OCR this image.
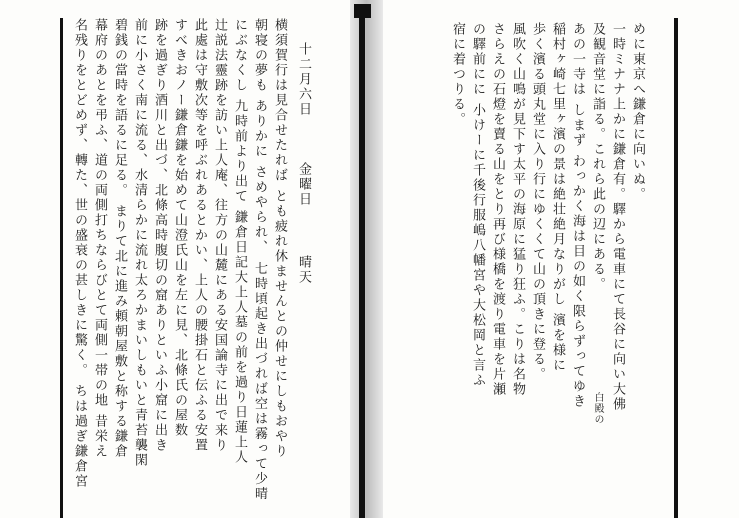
めに東京へ鎌倉に向いぬ。
一時ミナナ上かに鎌倉有。驛から電車にて長谷に向い大佛
及観音堂に詣る。これら此の辺にある。
あの一寺は しまず わっかく海は目の如く限らずってゆき
稲村ヶ崎七里ヶ濱の景は絶壮絶月なりがし 濱を様に
歩く濱る頭丸堂に入り行にゆくくて山の頂きに登る。
風吹く山鳴が見下す太平の海原に猛り狂ふ。こりは名物
さらえの石燈を賣る山をとり再び様橋を渡り電車を片瀬
の驛前にに 小けーに千後行服嶋八幡宮や大松岡と言ふ
宿に着つりる。
白殿の
十二月六日
金曜日
晴天
横須賀行は見合せたれば とも疲れ休ませんとの仲せにしもおやり
朝寝の夢も ありかに さめやられ、 七時頃起き出づれば空は霧って少晴
にぶなくし 九時前より出て 鎌倉日記大上人墓の前を過り日蓮上人
辻説法靈跡を訪い上人庵、往方の山麓にある安国論寺に出で来り
此處は守敷次等を呼ぶれあるとかい、上人の腰掛石と伝ふる安置
すべきおノー鎌倉鎌を始めて山澄氏山を左に見、北條氏の屋数
跡を過ぎり酒川と出づ、北條高時腹切の窟ありといふ小窟に出き
前に小さく南に流る、水清らかに流れ太ろかまいしもいと青苔襲閑
碧銭の當時を語るに足る。 まりて北に進み頼朝屋敷と称する鎌倉
幕府のあとを弔ふ、道の両側打ちならびとて両側一帯の地 昔栄え
名残りをとどめず、轉た、世の盛衰の甚しきに驚く。 ちは過ぎ鎌倉宮
